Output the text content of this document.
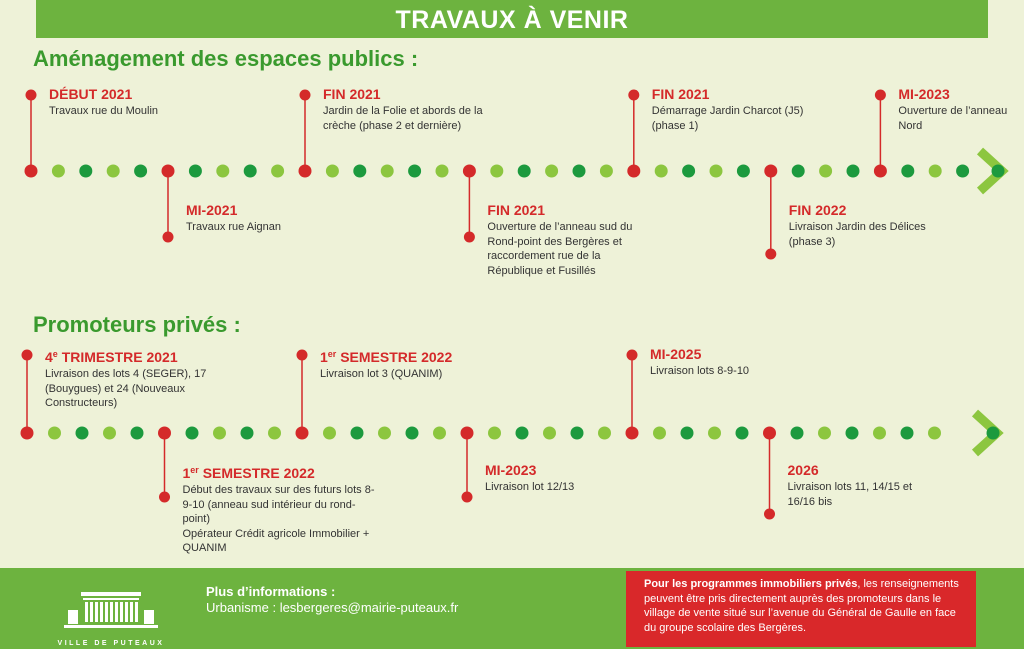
TRAVAUX À VENIR
Aménagement des espaces publics :
DÉBUT 2021

Travaux rue du Moulin

MI-2021

Travaux rue Aignan

FIN 2021

Jardin de la Folie et abords de la crèche (phase 2 et dernière)

FIN 2021

Ouverture de l’anneau sud du Rond-point des Bergères et raccordement rue de la République et Fusillés

FIN 2021

Démarrage Jardin Charcot (J5) (phase 1)

FIN 2022

Livraison Jardin des Délices (phase 3)

MI-2023

Ouverture de l’anneau Nord

Promoteurs privés :
4e TRIMESTRE 2021

Livraison des lots 4 (SEGER), 17 (Bouygues) et 24 (Nouveaux Constructeurs)

1er SEMESTRE 2022

Début des travaux sur des futurs lots 8-9-10 (anneau sud intérieur du rond-point)

Opérateur Crédit agricole Immobilier + QUANIM

1er SEMESTRE 2022

Livraison lot 3 (QUANIM)

MI-2023

Livraison lot 12/13

MI-2025

Livraison lots 8-9-10

2026

Livraison lots 11, 14/15 et 16/16 bis

VILLE DE PUTEAUX
Plus d’informations :
Urbanisme : lesbergeres@mairie-puteaux.fr
Pour les programmes immobiliers privés, les renseignements peuvent être pris directement auprès des promoteurs dans le village de vente situé sur l’avenue du Général de Gaulle en face du groupe scolaire des Bergères.
